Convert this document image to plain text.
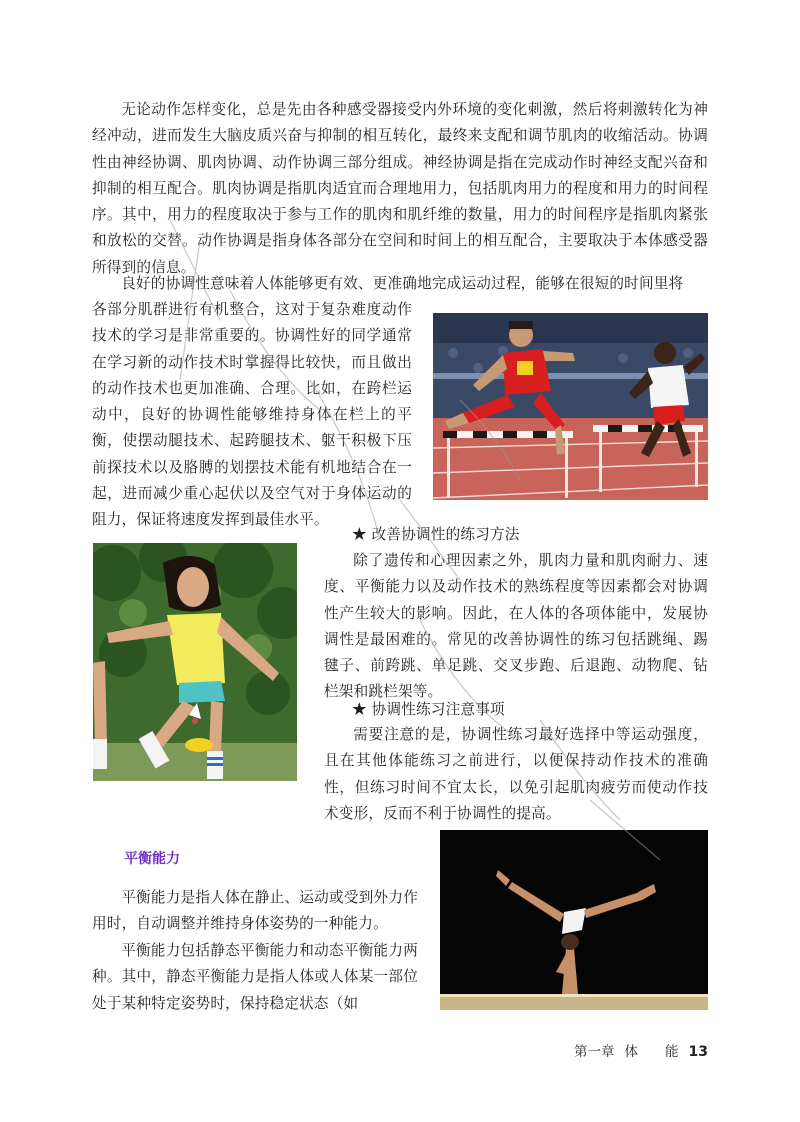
无论动作怎样变化，总是先由各种感受器接受内外环境的变化刺激，然后将刺激转化为神经冲动，进而发生大脑皮质兴奋与抑制的相互转化，最终来支配和调节肌肉的收缩活动。协调性由神经协调、肌肉协调、动作协调三部分组成。神经协调是指在完成动作时神经支配兴奋和抑制的相互配合。肌肉协调是指肌肉适宜而合理地用力，包括肌肉用力的程度和用力的时间程序。其中，用力的程度取决于参与工作的肌肉和肌纤维的数量，用力的时间程序是指肌肉紧张和放松的交替。动作协调是指身体各部分在空间和时间上的相互配合，主要取决于本体感受器所得到的信息。

良好的协调性意味着人体能够更有效、更准确地完成运动过程，能够在很短的时间里将

各部分肌群进行有机整合，这对于复杂难度动作技术的学习是非常重要的。协调性好的同学通常在学习新的动作技术时掌握得比较快，而且做出的动作技术也更加准确、合理。比如，在跨栏运动中，良好的协调性能够维持身体在栏上的平衡，使摆动腿技术、起跨腿技术、躯干积极下压前探技术以及胳膊的划摆技术能有机地结合在一起，进而减少重心起伏以及空气对于身体运动的阻力，保证将速度发挥到最佳水平。

★ 改善协调性的练习方法

除了遗传和心理因素之外，肌肉力量和肌肉耐力、速度、平衡能力以及动作技术的熟练程度等因素都会对协调性产生较大的影响。因此，在人体的各项体能中，发展协调性是最困难的。常见的改善协调性的练习包括跳绳、踢毽子、前跨跳、单足跳、交叉步跑、后退跑、动物爬、钻栏架和跳栏架等。

★ 协调性练习注意事项

需要注意的是，协调性练习最好选择中等运动强度，且在其他体能练习之前进行，以便保持动作技术的准确性，但练习时间不宜太长，以免引起肌肉疲劳而使动作技术变形，反而不利于协调性的提高。

平衡能力

平衡能力是指人体在静止、运动或受到外力作用时，自动调整并维持身体姿势的一种能力。

平衡能力包括静态平衡能力和动态平衡能力两种。其中，静态平衡能力是指人体或人体某一部位处于某种特定姿势时，保持稳定状态（如

第一章 体　　能 13
